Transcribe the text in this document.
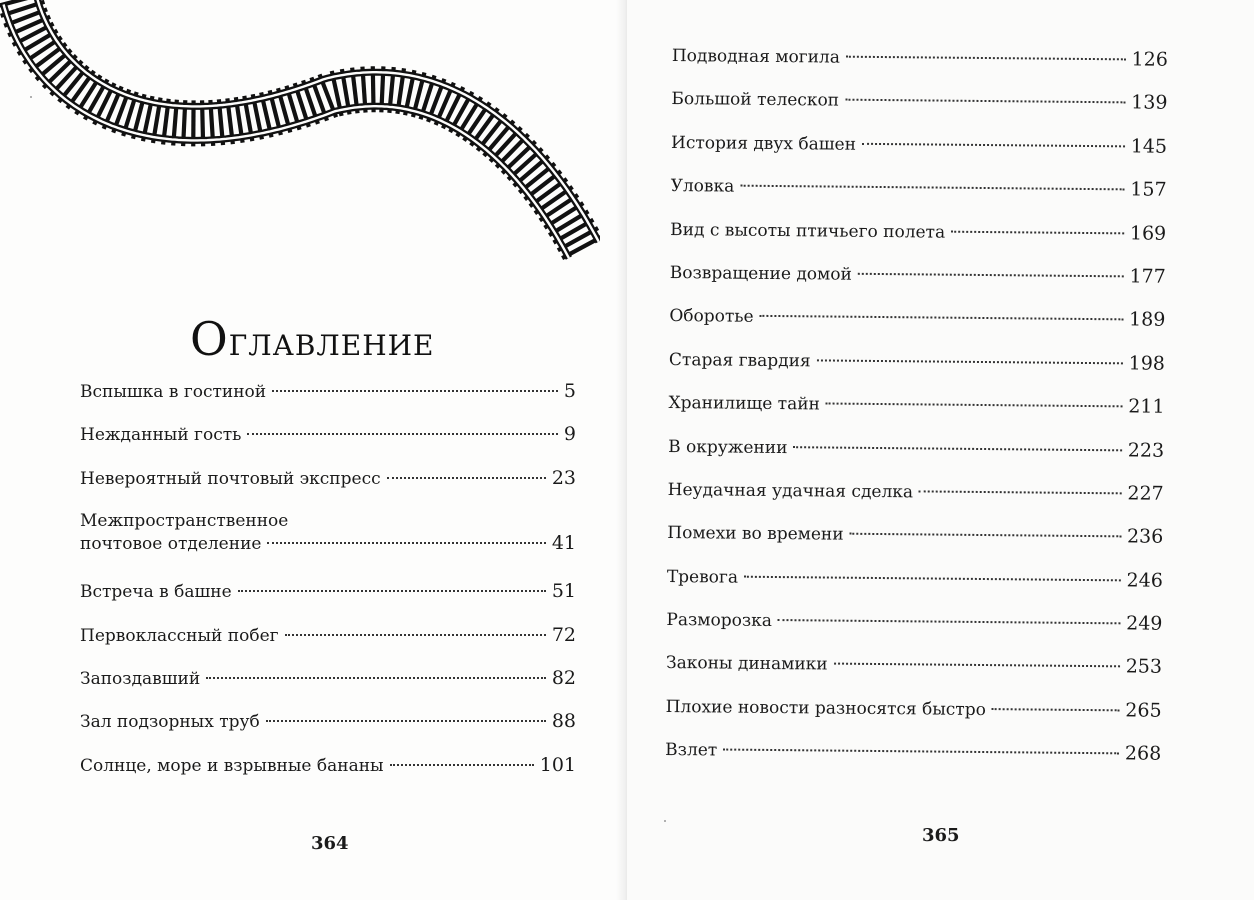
Оглавление
Вспышка в гостиной	5
Нежданный гость	9
Невероятный почтовый экспресс	23
Межпространственное
почтовое отделение	41
Встреча в башне	51
Первоклассный побег	72
Запоздавший	82
Зал подзорных труб	88
Солнце, море и взрывные бананы	101
364	365
Подводная могила	126
Большой телескоп	139
История двух башен	145
Уловка	157
Вид с высоты птичьего полета	169
Возвращение домой	177
Оборотье	189
Старая гвардия	198
Хранилище тайн	211
В окружении	223
Неудачная удачная сделка	227
Помехи во времени	236
Тревога	246
Разморозка	249
Законы динамики	253
Плохие новости разносятся быстро	265
Взлет	268
